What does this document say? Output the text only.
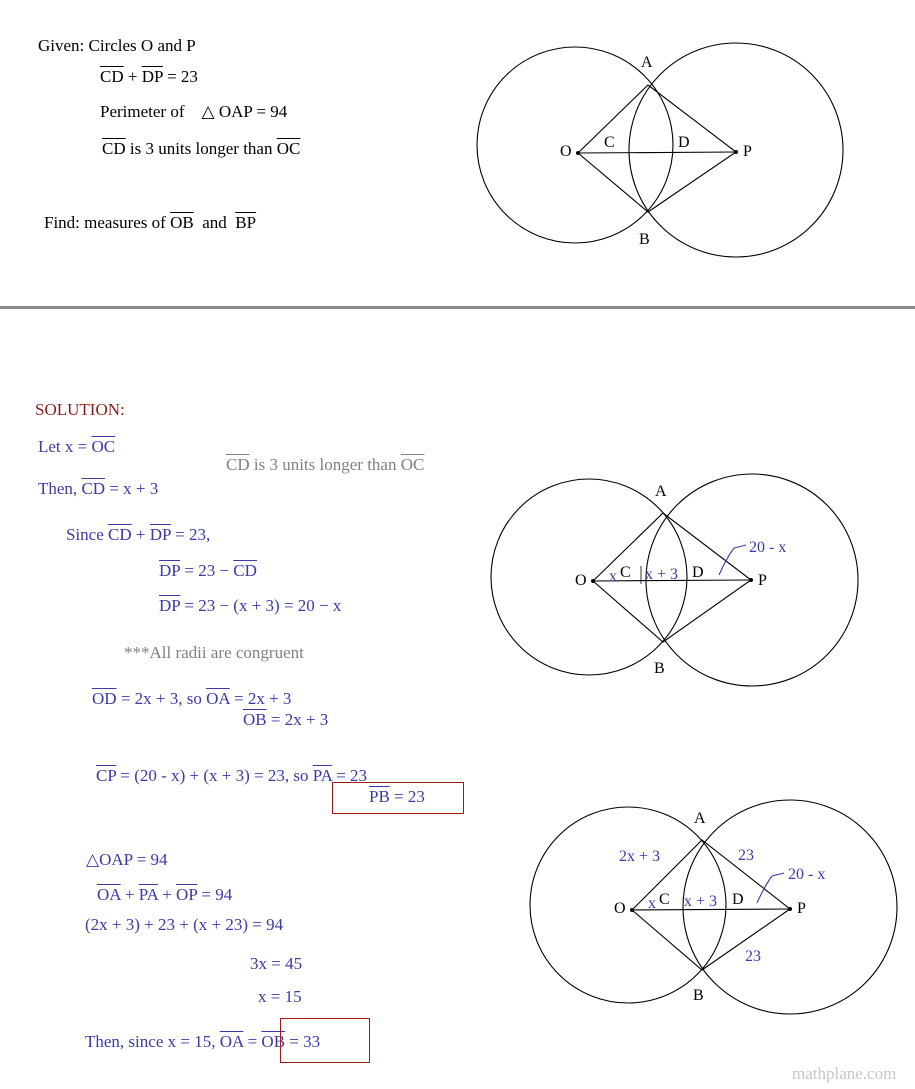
Given: Circles O and P
$\overline{CD} + \overline{DP} = 23$
Perimeter of △ OAP = 94
$\overline{CD}$ is 3 units longer than $\overline{OC}$
Find: measures of $\overline{OB}$  and  $\overline{BP}$
SOLUTION:
Let $x = \overline{OC}$
$\overline{CD}$ is 3 units longer than $\overline{OC}$
Then, $\overline{CD} = x + 3$
Since $\overline{CD} + \overline{DP} = 23$,
$\overline{DP} = 23 - \overline{CD}$
$\overline{DP} = 23 - (x + 3) = 20 - x$
***All radii are congruent
$\overline{OD} = 2x + 3$, so $\overline{OA} = 2x + 3$
$\overline{OB} = 2x + 3$
$\overline{CP} = (20 - x) + (x + 3) = 23$, so $\overline{PA} = 23$
$\overline{PB} = 23$
△OAP = 94
$\overline{OA} + \overline{PA} + \overline{OP} = 94$
(2x + 3) + 23 + (x + 23) = 94
3x = 45
x = 15
Then, since x = 15, $\overline{OA} = \overline{OB} = 33$
mathplane.com
A
B
C	D
O	P
A
B
C	D
O	P
x x + 3
20 - x
A
B
C	D
O	P
x x + 3
20 - x
2x + 3	23
23
